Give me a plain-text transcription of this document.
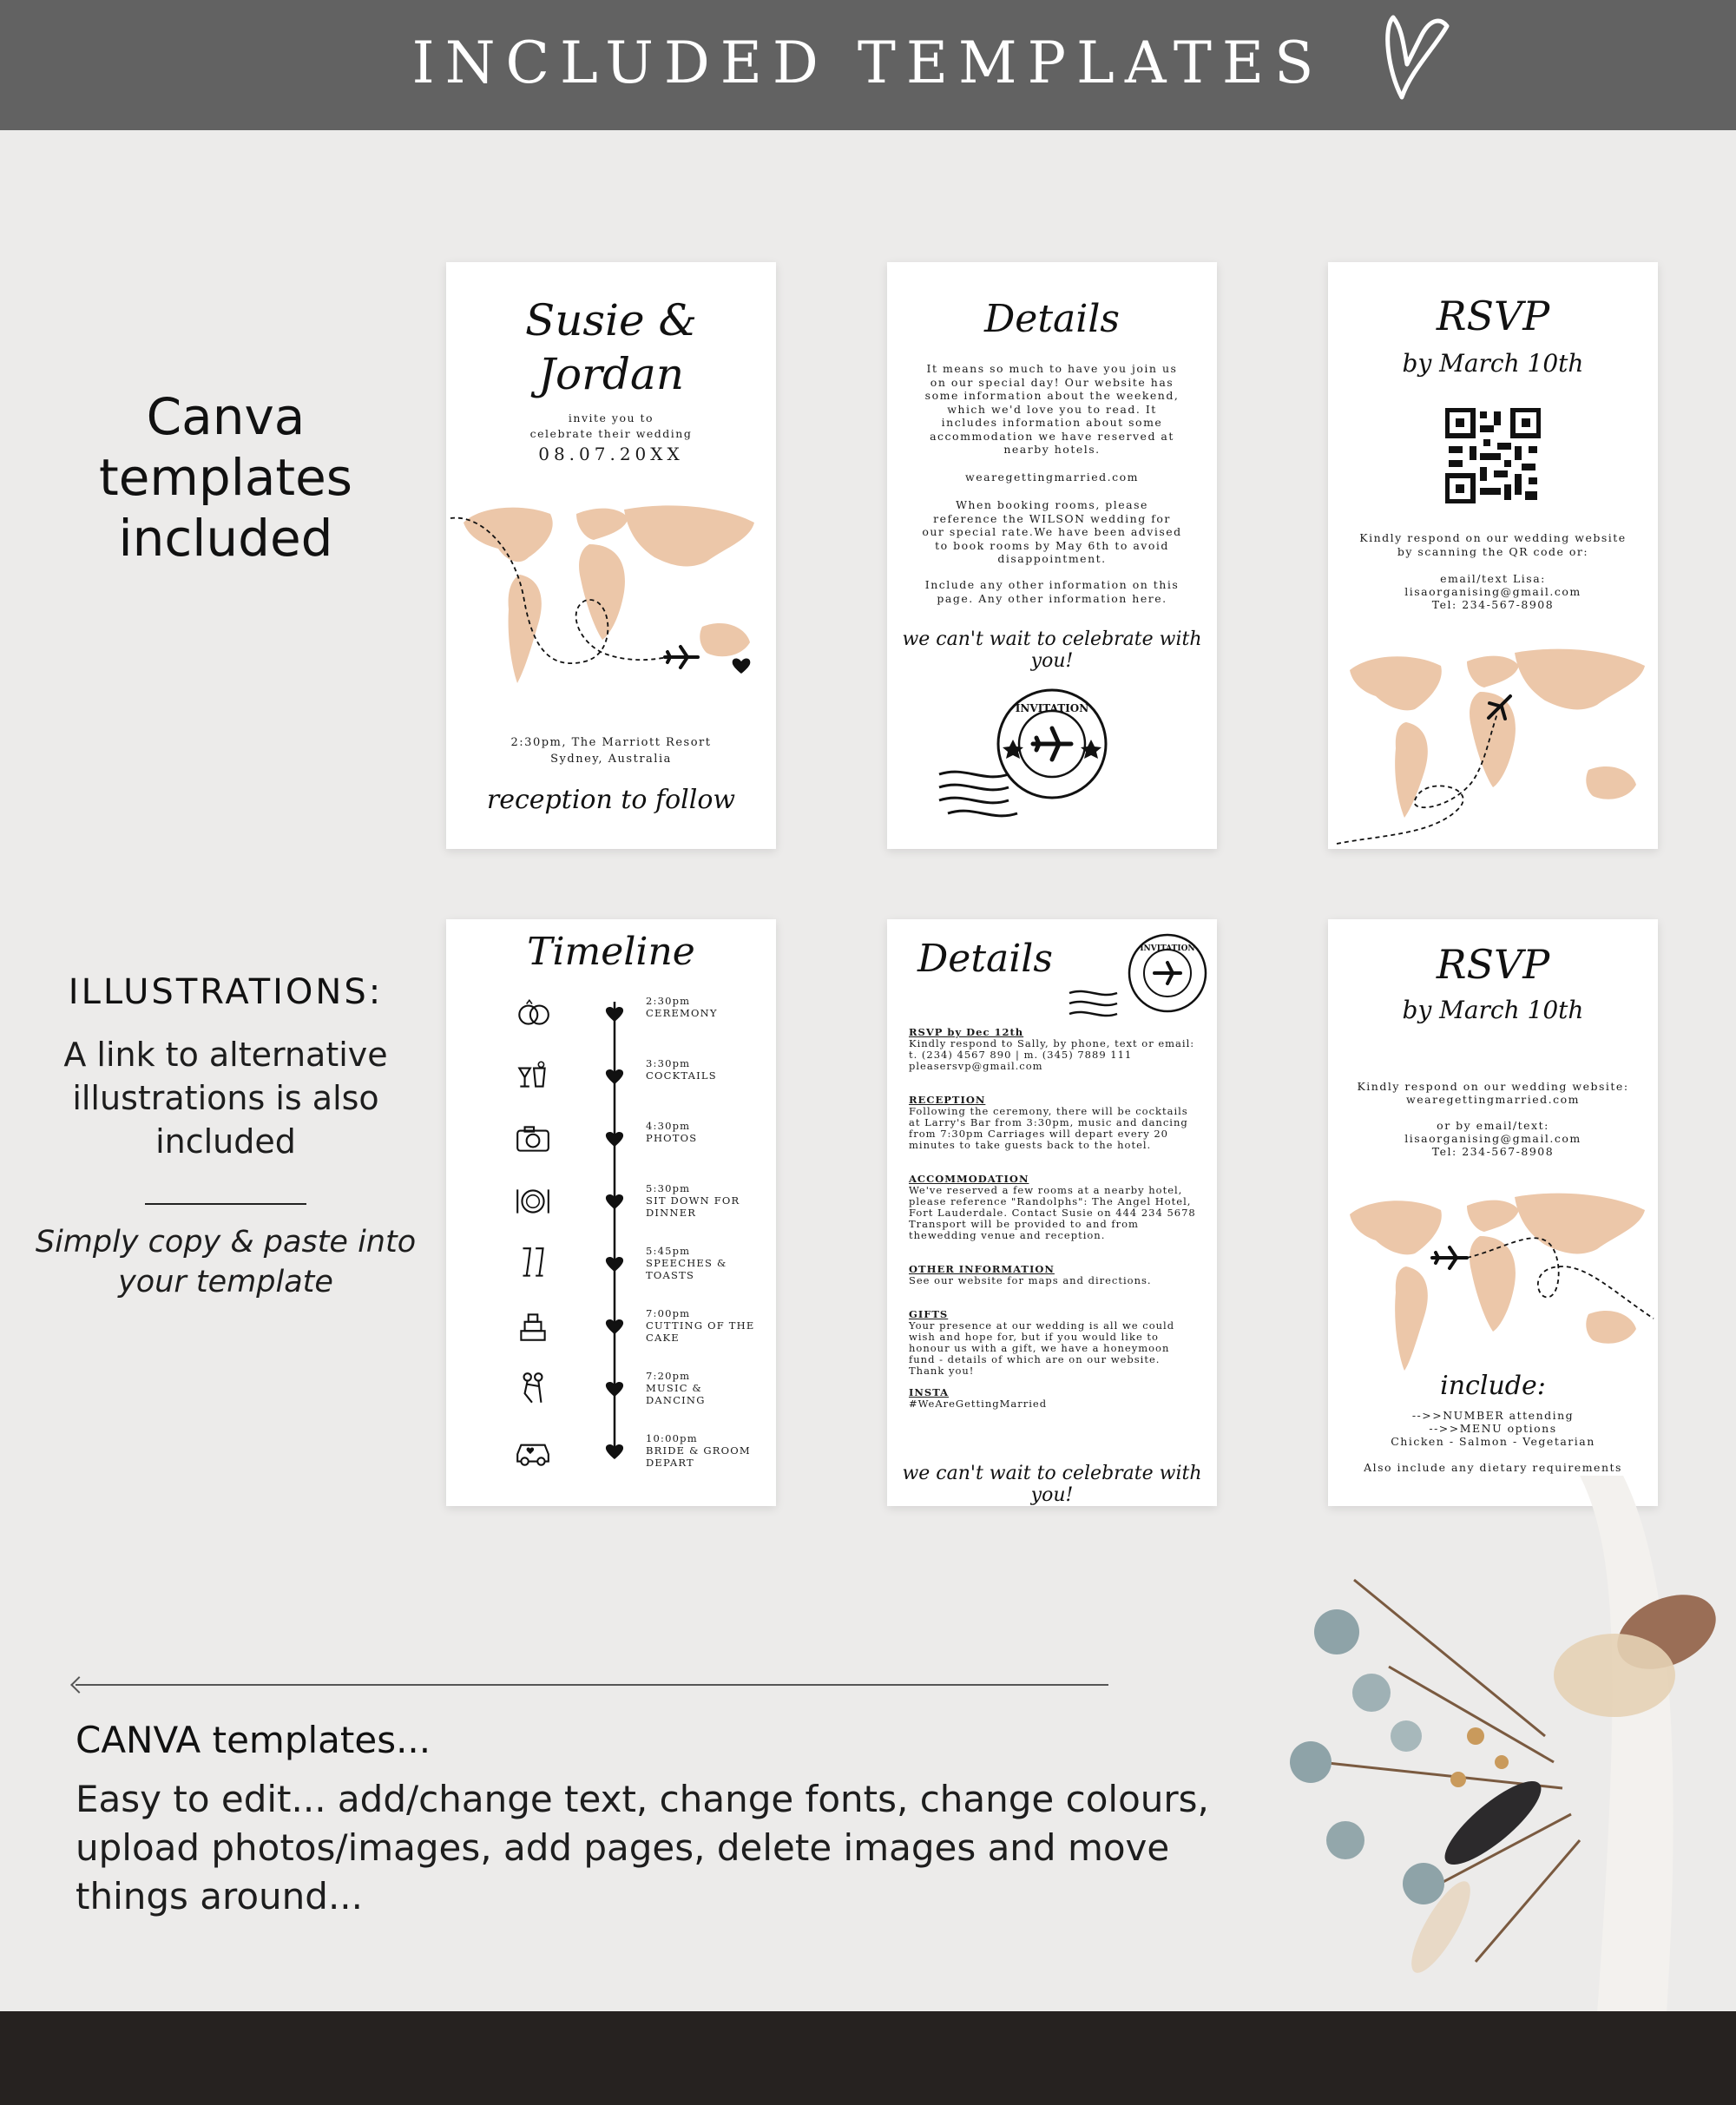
INCLUDED TEMPLATES
Canva templates included
ILLUSTRATIONS:
A link to alternative illustrations is also included
Simply copy & paste into your template
Susie &
Jordan
invite you to
celebrate their wedding
08.07.20XX
2:30pm, The Marriott Resort
Sydney, Australia
reception to follow
Details
It means so much to have you join us on our special day! Our website has some information about the weekend, which we'd love you to read. It includes information about some accommodation we have reserved at nearby hotels.
wearegettingmarried.com
When booking rooms, please reference the WILSON wedding for our special rate.We have been advised to book rooms by May 6th to avoid disappointment.
Include any other information on this page. Any other information here.
we can't wait to celebrate with you!
INVITATION
RSVP
by March 10th
Kindly respond on our wedding website by scanning the QR code or:
email/text Lisa:
lisaorganising@gmail.com
Tel: 234-567-8908
Timeline
2:30pm
CEREMONY
3:30pm
COCKTAILS
4:30pm
PHOTOS
5:30pm
SIT DOWN FOR DINNER
5:45pm
SPEECHES & TOASTS
7:00pm
CUTTING OF THE CAKE
7:20pm
MUSIC & DANCING
10:00pm
BRIDE & GROOM DEPART
Details	INVITATION
RSVP by Dec 12th
Kindly respond to Sally, by phone, text or email: t. (234) 4567 890 | m. (345) 7889 111 pleasersvp@gmail.com
RECEPTION
Following the ceremony, there will be cocktails at Larry's Bar from 3:30pm, music and dancing from 7:30pm Carriages will depart every 20 minutes to take guests back to the hotel.
ACCOMMODATION
We've reserved a few rooms at a nearby hotel, please reference "Randolphs": The Angel Hotel, Fort Lauderdale. Contact Susie on 444 234 5678 Transport will be provided to and from thewedding venue and reception.
OTHER INFORMATION
See our website for maps and directions.
GIFTS
Your presence at our wedding is all we could wish and hope for, but if you would like to honour us with a gift, we have a honeymoon fund - details of which are on our website. Thank you!
INSTA
#WeAreGettingMarried
we can't wait to celebrate with you!
RSVP
by March 10th
Kindly respond on our wedding website:
wearegettingmarried.com
or by email/text:
lisaorganising@gmail.com
Tel: 234-567-8908
include:
-->>NUMBER attending
-->>MENU options
Chicken - Salmon - Vegetarian
Also include any dietary requirements
CANVA templates...
Easy to edit... add/change text, change fonts, change colours, upload photos/images, add pages, delete images and move things around...
